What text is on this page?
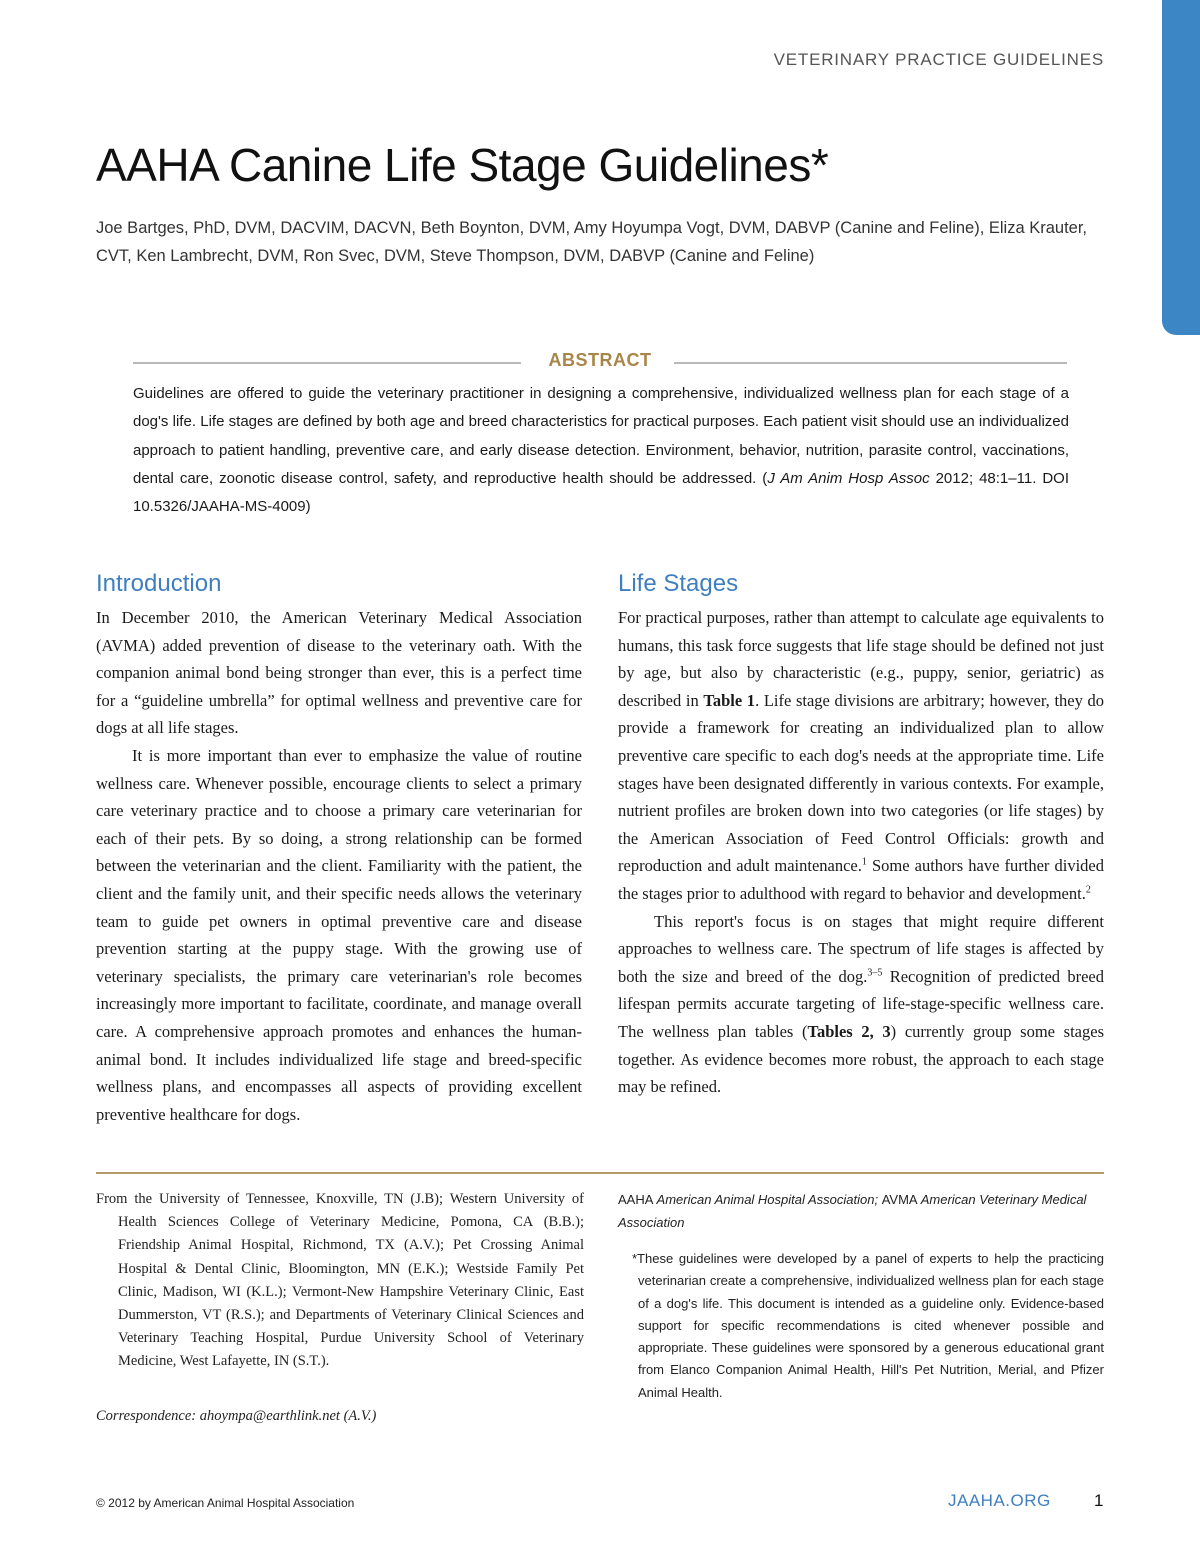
VETERINARY PRACTICE GUIDELINES
AAHA Canine Life Stage Guidelines*
Joe Bartges, PhD, DVM, DACVIM, DACVN, Beth Boynton, DVM, Amy Hoyumpa Vogt, DVM, DABVP (Canine and Feline), Eliza Krauter, CVT, Ken Lambrecht, DVM, Ron Svec, DVM, Steve Thompson, DVM, DABVP (Canine and Feline)
ABSTRACT
Guidelines are offered to guide the veterinary practitioner in designing a comprehensive, individualized wellness plan for each stage of a dog's life. Life stages are defined by both age and breed characteristics for practical purposes. Each patient visit should use an individualized approach to patient handling, preventive care, and early disease detection. Environment, behavior, nutrition, parasite control, vaccinations, dental care, zoonotic disease control, safety, and reproductive health should be addressed. (J Am Anim Hosp Assoc 2012; 48:1–11. DOI 10.5326/JAAHA-MS-4009)
Introduction

In December 2010, the American Veterinary Medical Association (AVMA) added prevention of disease to the veterinary oath. With the companion animal bond being stronger than ever, this is a perfect time for a “guideline umbrella” for optimal wellness and preventive care for dogs at all life stages.

It is more important than ever to emphasize the value of routine wellness care. Whenever possible, encourage clients to select a primary care veterinary practice and to choose a primary care veterinarian for each of their pets. By so doing, a strong relationship can be formed between the veterinarian and the client. Familiarity with the patient, the client and the family unit, and their specific needs allows the veterinary team to guide pet owners in optimal preventive care and disease prevention starting at the puppy stage. With the growing use of veterinary specialists, the primary care veterinarian's role becomes increasingly more important to facilitate, coordinate, and manage overall care. A comprehensive approach promotes and enhances the human-animal bond. It includes individualized life stage and breed-specific wellness plans, and encompasses all aspects of providing excellent preventive healthcare for dogs.

Life Stages

For practical purposes, rather than attempt to calculate age equivalents to humans, this task force suggests that life stage should be defined not just by age, but also by characteristic (e.g., puppy, senior, geriatric) as described in Table 1. Life stage divisions are arbitrary; however, they do provide a framework for creating an individualized plan to allow preventive care specific to each dog's needs at the appropriate time. Life stages have been designated differently in various contexts. For example, nutrient profiles are broken down into two categories (or life stages) by the American Association of Feed Control Officials: growth and reproduction and adult maintenance.$^1$ Some authors have further divided the stages prior to adulthood with regard to behavior and development.$^2$

This report's focus is on stages that might require different approaches to wellness care. The spectrum of life stages is affected by both the size and breed of the dog.$^{3-5}$ Recognition of predicted breed lifespan permits accurate targeting of life-stage-specific wellness care. The wellness plan tables (Tables 2, 3) currently group some stages together. As evidence becomes more robust, the approach to each stage may be refined.

From the University of Tennessee, Knoxville, TN (J.B); Western University of Health Sciences College of Veterinary Medicine, Pomona, CA (B.B.); Friendship Animal Hospital, Richmond, TX (A.V.); Pet Crossing Animal Hospital & Dental Clinic, Bloomington, MN (E.K.); Westside Family Pet Clinic, Madison, WI (K.L.); Vermont-New Hampshire Veterinary Clinic, East Dummerston, VT (R.S.); and Departments of Veterinary Clinical Sciences and Veterinary Teaching Hospital, Purdue University School of Veterinary Medicine, West Lafayette, IN (S.T.).

Correspondence: ahoympa@earthlink.net (A.V.)
AAHA American Animal Hospital Association; AVMA American Veterinary Medical Association
*These guidelines were developed by a panel of experts to help the practicing veterinarian create a comprehensive, individualized wellness plan for each stage of a dog's life. This document is intended as a guideline only. Evidence-based support for specific recommendations is cited whenever possible and appropriate. These guidelines were sponsored by a generous educational grant from Elanco Companion Animal Health, Hill's Pet Nutrition, Merial, and Pfizer Animal Health.
© 2012 by American Animal Hospital Association	JAAHA.ORG	1
